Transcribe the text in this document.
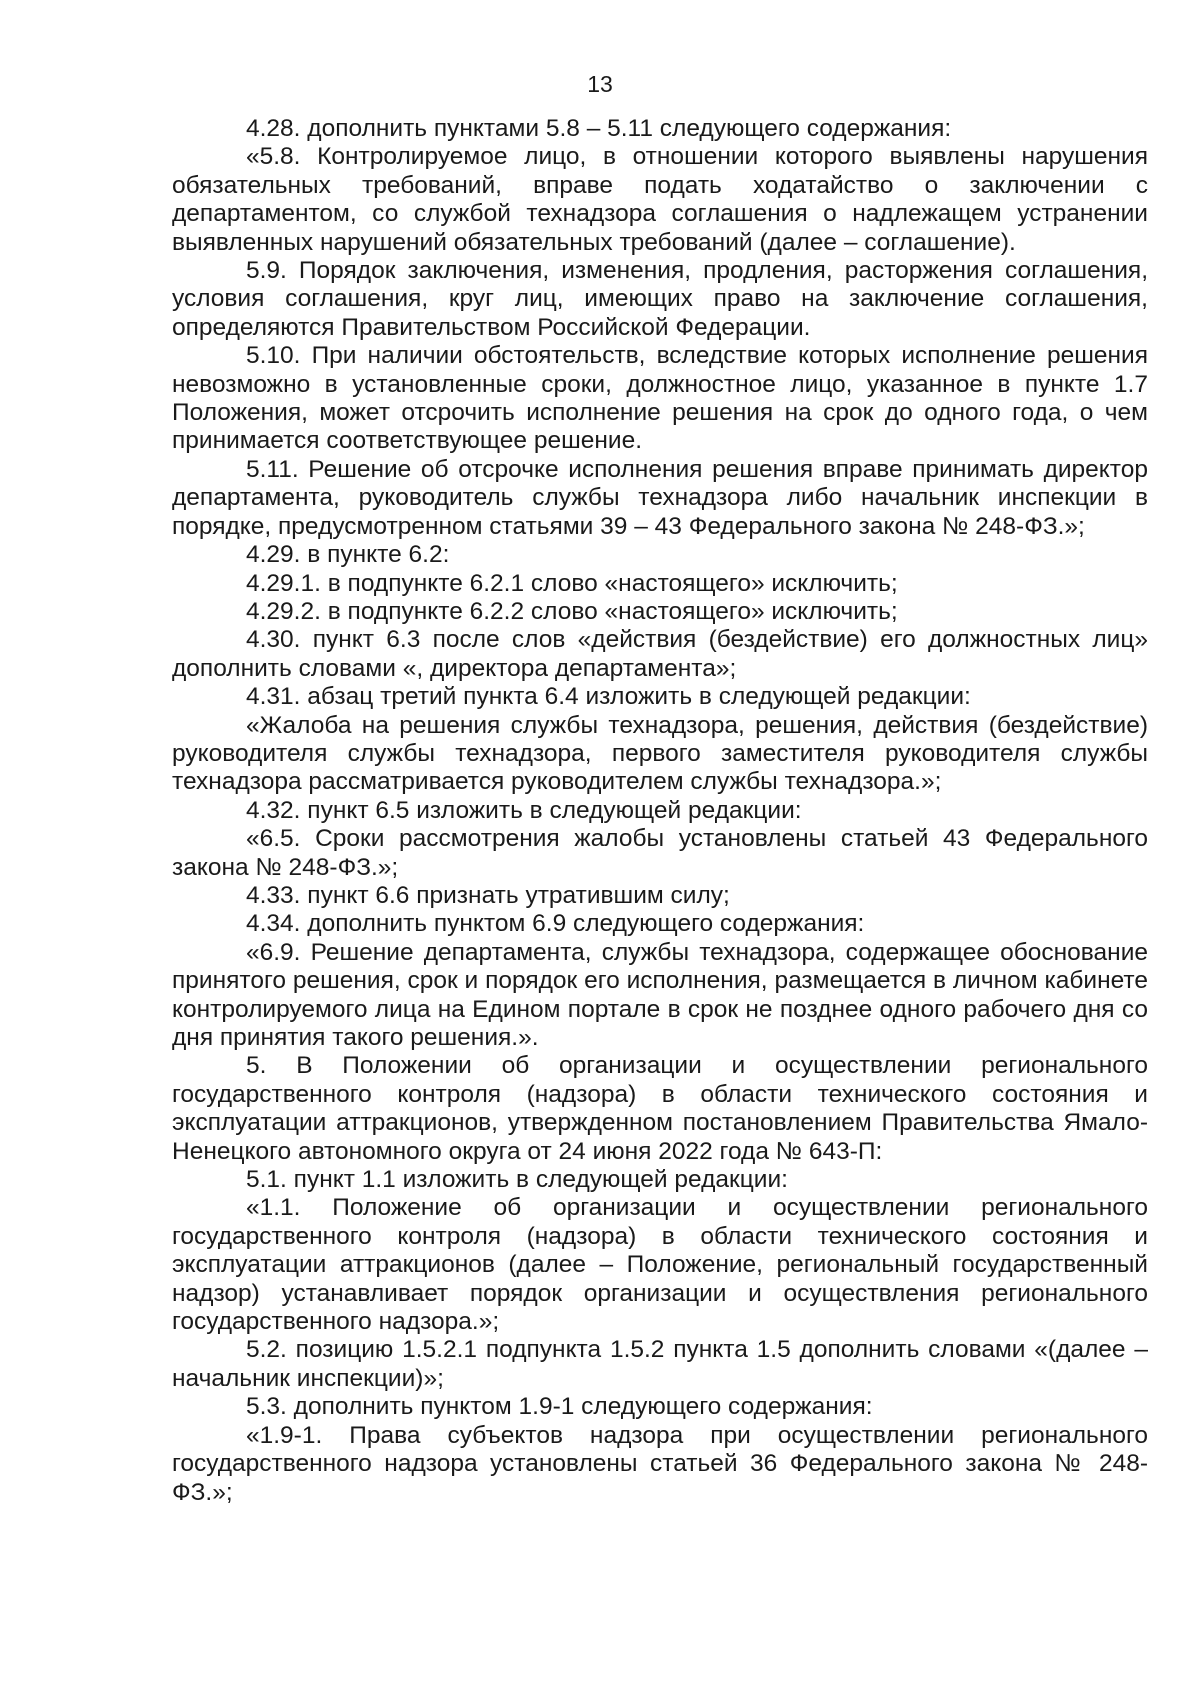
13

4.28. дополнить пунктами 5.8 – 5.11 следующего содержания:

«5.8. Контролируемое лицо, в отношении которого выявлены нарушения обязательных требований, вправе подать ходатайство о заключении с департаментом, со службой технадзора соглашения о надлежащем устранении выявленных нарушений обязательных требований (далее – соглашение).

5.9. Порядок заключения, изменения, продления, расторжения соглашения, условия соглашения, круг лиц, имеющих право на заключение соглашения, определяются Правительством Российской Федерации.

5.10. При наличии обстоятельств, вследствие которых исполнение решения невозможно в установленные сроки, должностное лицо, указанное в пункте 1.7 Положения, может отсрочить исполнение решения на срок до одного года, о чем принимается соответствующее решение.

5.11. Решение об отсрочке исполнения решения вправе принимать директор департамента, руководитель службы технадзора либо начальник инспекции в порядке, предусмотренном статьями 39 – 43 Федерального закона № 248-ФЗ.»;

4.29. в пункте 6.2:

4.29.1. в подпункте 6.2.1 слово «настоящего» исключить;

4.29.2. в подпункте 6.2.2 слово «настоящего» исключить;

4.30. пункт 6.3 после слов «действия (бездействие) его должностных лиц» дополнить словами «, директора департамента»;

4.31. абзац третий пункта 6.4 изложить в следующей редакции:

«Жалоба на решения службы технадзора, решения, действия (бездействие) руководителя службы технадзора, первого заместителя руководителя службы технадзора рассматривается руководителем службы технадзора.»;

4.32. пункт 6.5 изложить в следующей редакции:

«6.5. Сроки рассмотрения жалобы установлены статьей 43 Федерального закона № 248-ФЗ.»;

4.33. пункт 6.6 признать утратившим силу;

4.34. дополнить пунктом 6.9 следующего содержания:

«6.9. Решение департамента, службы технадзора, содержащее обоснование принятого решения, срок и порядок его исполнения, размещается в личном кабинете контролируемого лица на Едином портале в срок не позднее одного рабочего дня со дня принятия такого решения.».

5. В Положении об организации и осуществлении регионального государственного контроля (надзора) в области технического состояния и эксплуатации аттракционов, утвержденном постановлением Правительства Ямало-Ненецкого автономного округа от 24 июня 2022 года № 643-П:

5.1. пункт 1.1 изложить в следующей редакции:

«1.1. Положение об организации и осуществлении регионального государственного контроля (надзора) в области технического состояния и эксплуатации аттракционов (далее – Положение, региональный государственный надзор) устанавливает порядок организации и осуществления регионального государственного надзора.»;

5.2. позицию 1.5.2.1 подпункта 1.5.2 пункта 1.5 дополнить словами «(далее – начальник инспекции)»;

5.3. дополнить пунктом 1.9-1 следующего содержания:

«1.9-1. Права субъектов надзора при осуществлении регионального государственного надзора установлены статьей 36 Федерального закона № 248-ФЗ.»;
